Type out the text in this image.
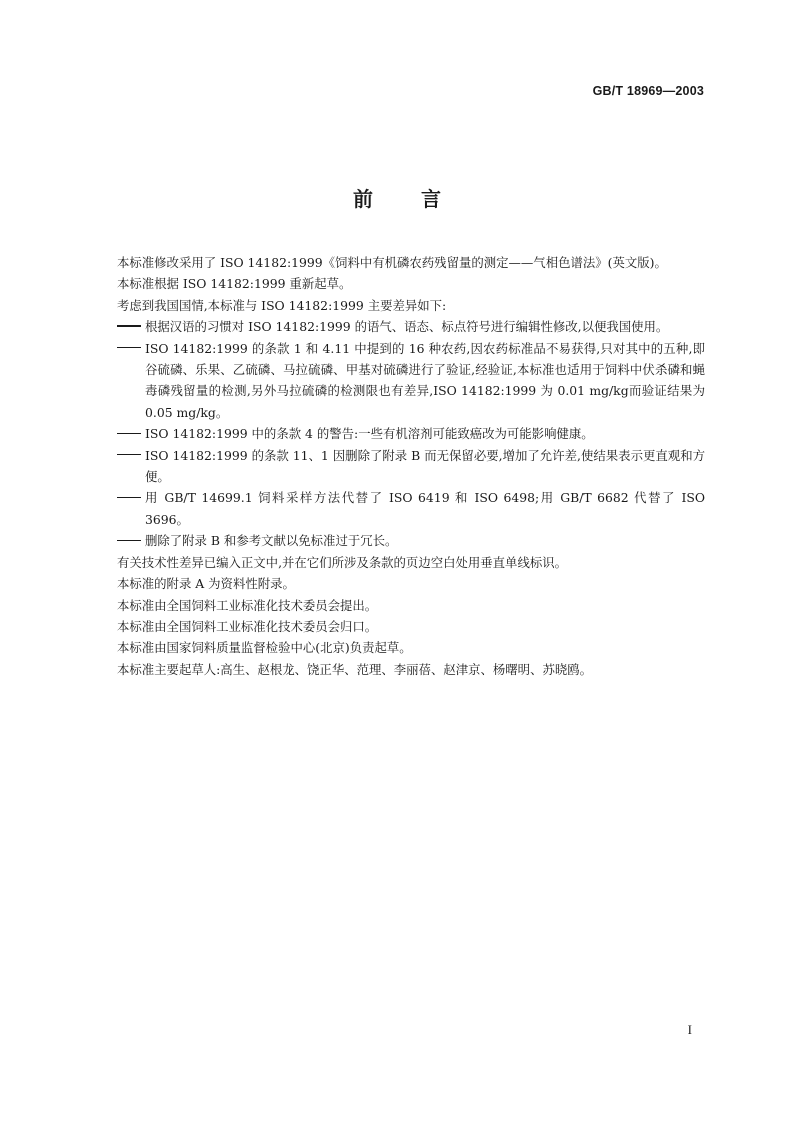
GB/T 18969—2003
前言

本标准修改采用了 ISO 14182:1999《饲料中有机磷农药残留量的测定——气相色谱法》(英文版)。

本标准根据 ISO 14182:1999 重新起草。

考虑到我国国情,本标准与 ISO 14182:1999 主要差异如下:

根据汉语的习惯对 ISO 14182:1999 的语气、语态、标点符号进行编辑性修改,以便我国使用。
ISO 14182:1999 的条款 1 和 4.11 中提到的 16 种农药,因农药标准品不易获得,只对其中的五种,即谷硫磷、乐果、乙硫磷、马拉硫磷、甲基对硫磷进行了验证,经验证,本标准也适用于饲料中伏杀磷和蝇毒磷残留量的检测,另外马拉硫磷的检测限也有差异,ISO 14182:1999 为 0.01 mg/kg而验证结果为 0.05 mg/kg。
ISO 14182:1999 中的条款 4 的警告:一些有机溶剂可能致癌改为可能影响健康。
ISO 14182:1999 的条款 11、1 因删除了附录 B 而无保留必要,增加了允许差,使结果表示更直观和方便。
用 GB/T 14699.1 饲料采样方法代替了 ISO 6419 和 ISO 6498;用 GB/T 6682 代替了 ISO 3696。
删除了附录 B 和参考文献以免标准过于冗长。

有关技术性差异已编入正文中,并在它们所涉及条款的页边空白处用垂直单线标识。

本标准的附录 A 为资料性附录。

本标准由全国饲料工业标准化技术委员会提出。

本标准由全国饲料工业标准化技术委员会归口。

本标准由国家饲料质量监督检验中心(北京)负责起草。

本标准主要起草人:高生、赵根龙、饶正华、范理、李丽蓓、赵津京、杨曙明、苏晓鸥。

I
